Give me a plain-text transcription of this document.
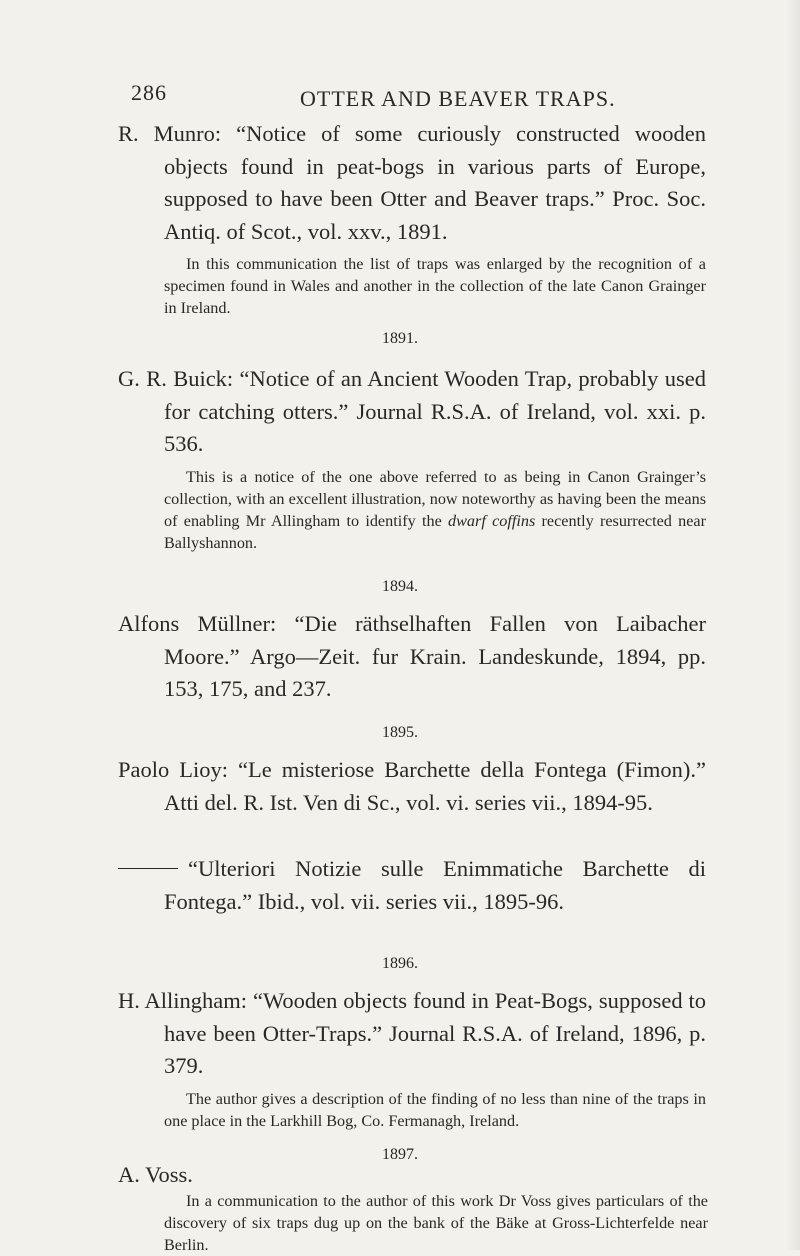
286	OTTER AND BEAVER TRAPS.
R. Munro: “Notice of some curiously constructed wooden objects found in peat-bogs in various parts of Europe, supposed to have been Otter and Beaver traps.” Proc. Soc. Antiq. of Scot., vol. xxv., 1891.
In this communication the list of traps was enlarged by the recognition of a specimen found in Wales and another in the collection of the late Canon Grainger in Ireland.
1891.
G. R. Buick: “Notice of an Ancient Wooden Trap, probably used for catching otters.” Journal R.S.A. of Ireland, vol. xxi. p. 536.
This is a notice of the one above referred to as being in Canon Grainger’s collection, with an excellent illustration, now noteworthy as having been the means of enabling Mr Allingham to identify the dwarf coffins recently resurrected near Ballyshannon.
1894.
Alfons Müllner: “Die räthselhaften Fallen von Laibacher Moore.” Argo—Zeit. fur Krain. Landeskunde, 1894, pp. 153, 175, and 237.
1895.
Paolo Lioy: “Le misteriose Barchette della Fontega (Fimon).” Atti del. R. Ist. Ven di Sc., vol. vi. series vii., 1894-95.
“Ulteriori Notizie sulle Enimmatiche Barchette di Fontega.” Ibid., vol. vii. series vii., 1895-96.
1896.
H. Allingham: “Wooden objects found in Peat-Bogs, supposed to have been Otter-Traps.” Journal R.S.A. of Ireland, 1896, p. 379.
The author gives a description of the finding of no less than nine of the traps in one place in the Larkhill Bog, Co. Fermanagh, Ireland.
A. Voss.
1897.
In a communication to the author of this work Dr Voss gives particulars of the discovery of six traps dug up on the bank of the Bäke at Gross-Lichterfelde near Berlin.
